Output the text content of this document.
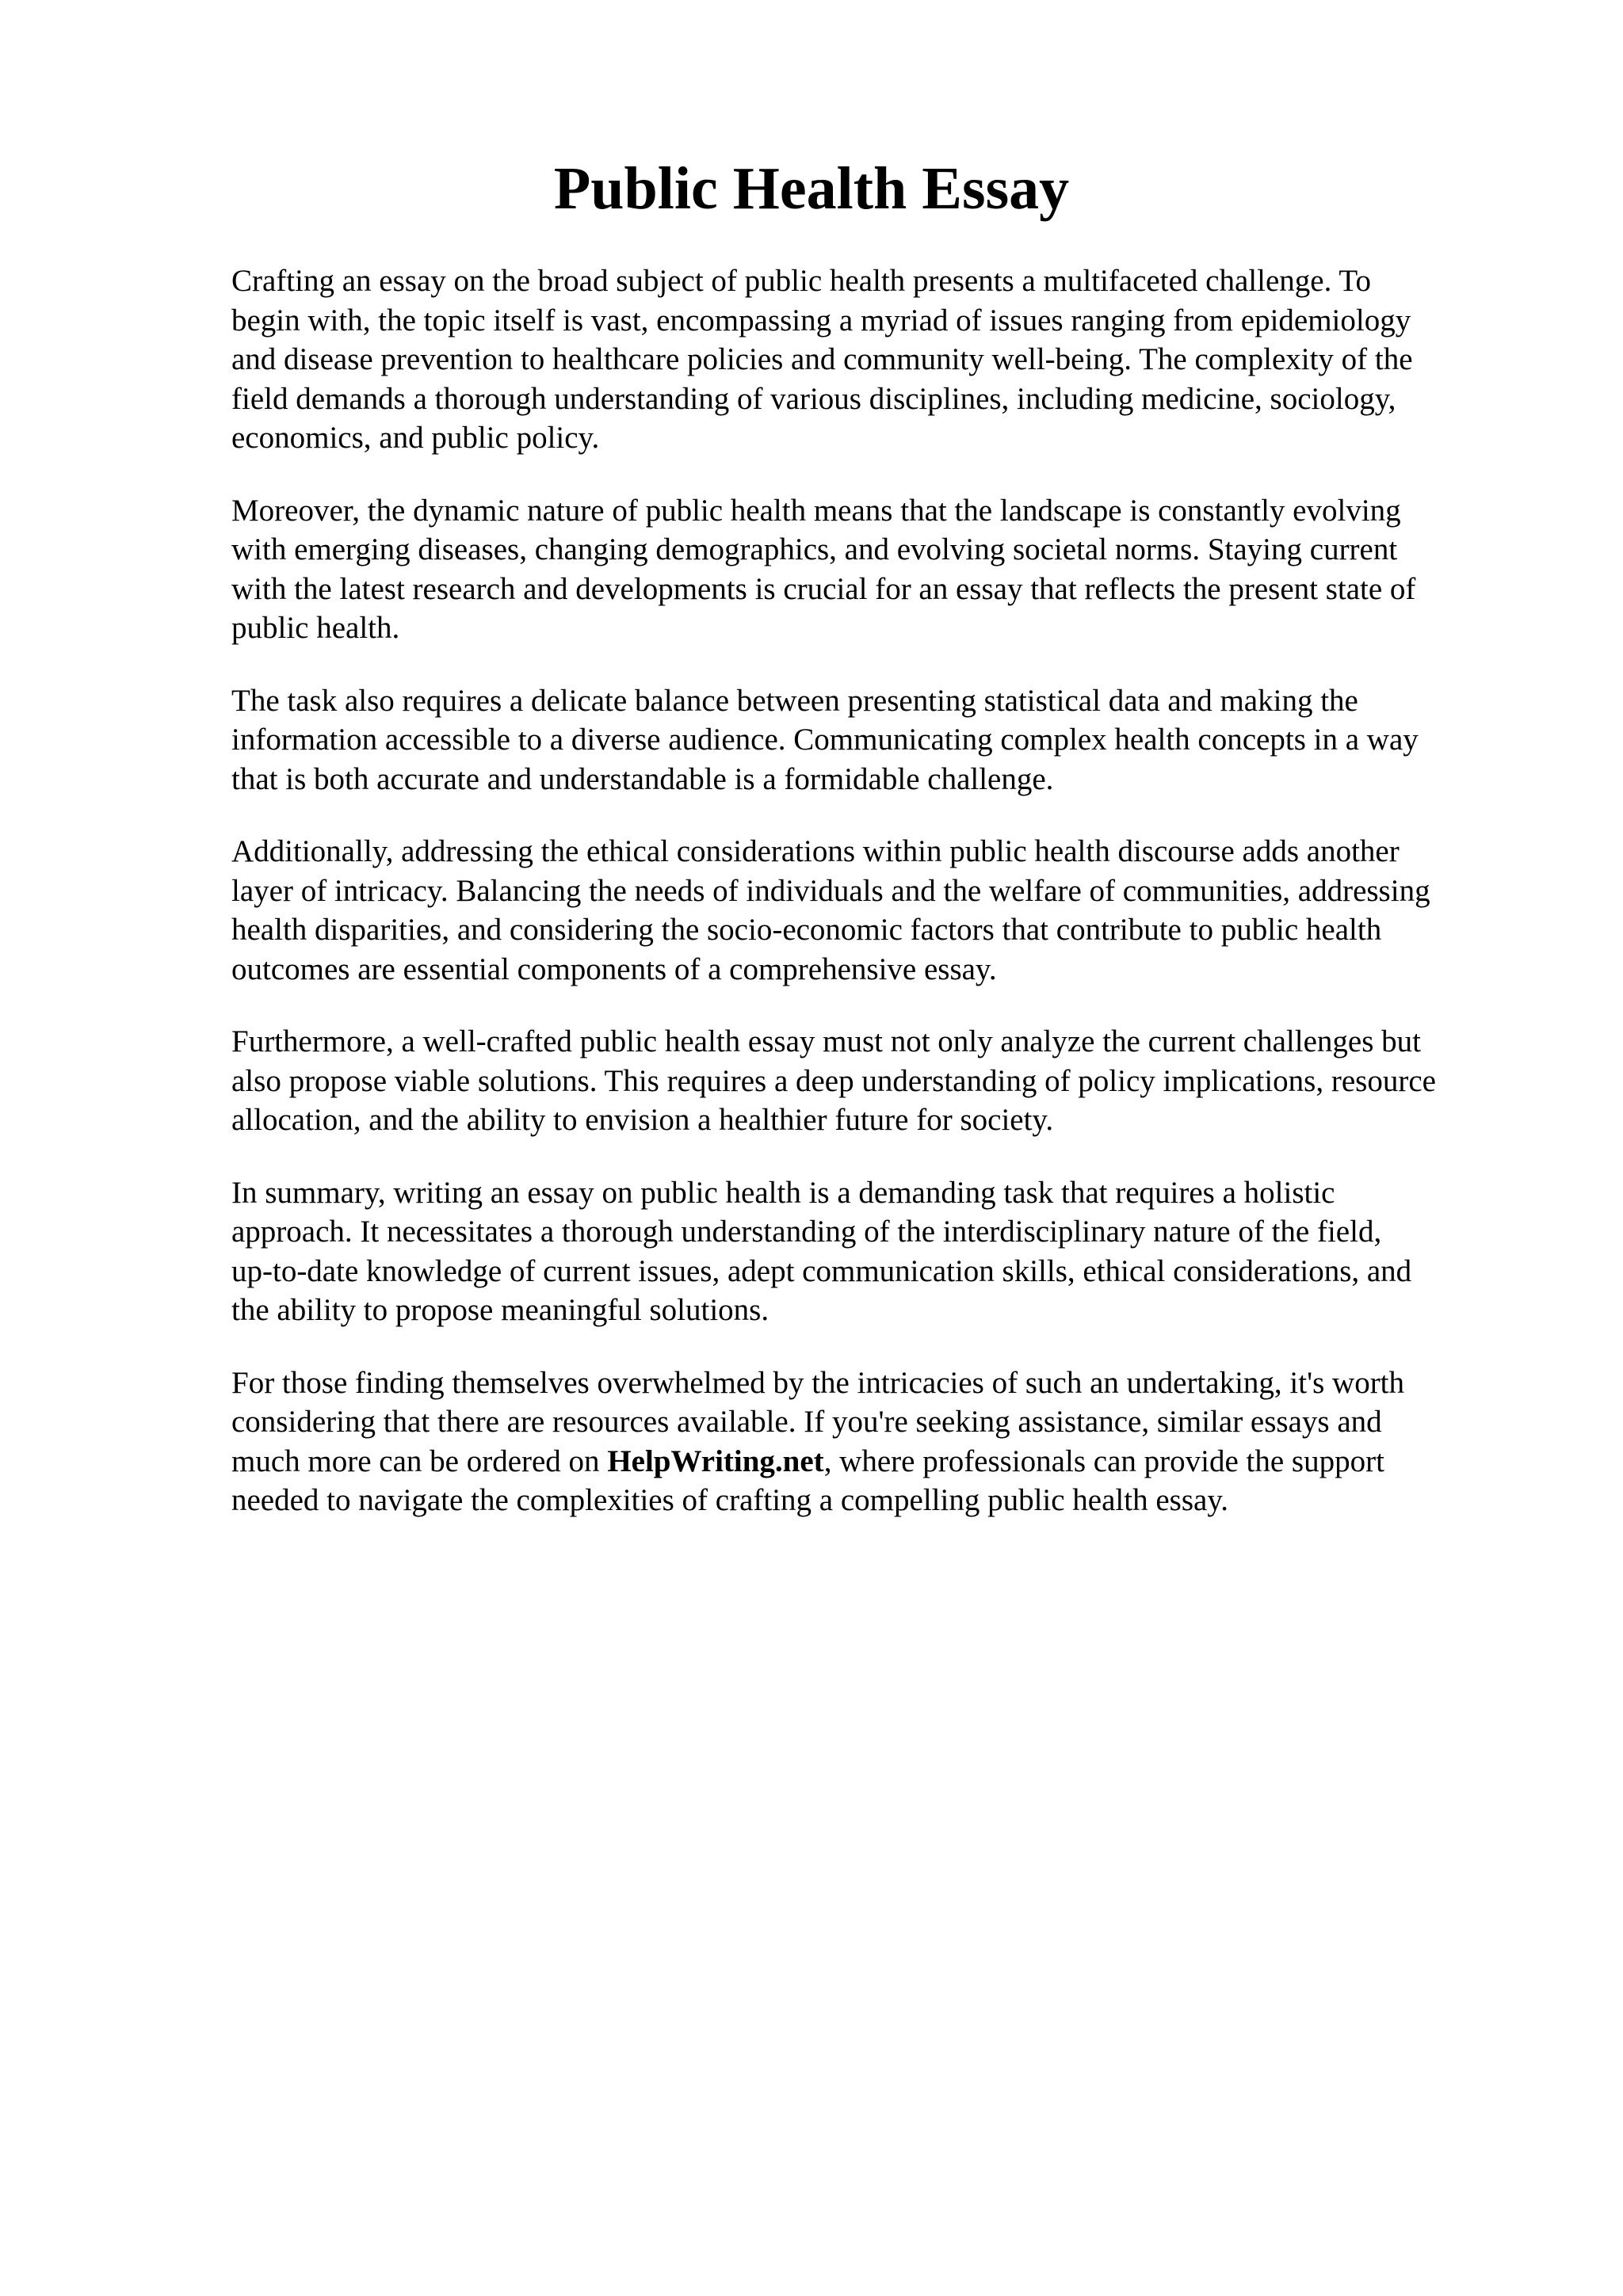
Public Health Essay

Crafting an essay on the broad subject of public health presents a multifaceted challenge. To
begin with, the topic itself is vast, encompassing a myriad of issues ranging from epidemiology
and disease prevention to healthcare policies and community well-being. The complexity of the
field demands a thorough understanding of various disciplines, including medicine, sociology,
economics, and public policy.

Moreover, the dynamic nature of public health means that the landscape is constantly evolving
with emerging diseases, changing demographics, and evolving societal norms. Staying current
with the latest research and developments is crucial for an essay that reflects the present state of
public health.

The task also requires a delicate balance between presenting statistical data and making the
information accessible to a diverse audience. Communicating complex health concepts in a way
that is both accurate and understandable is a formidable challenge.

Additionally, addressing the ethical considerations within public health discourse adds another
layer of intricacy. Balancing the needs of individuals and the welfare of communities, addressing
health disparities, and considering the socio-economic factors that contribute to public health
outcomes are essential components of a comprehensive essay.

Furthermore, a well-crafted public health essay must not only analyze the current challenges but
also propose viable solutions. This requires a deep understanding of policy implications, resource
allocation, and the ability to envision a healthier future for society.

In summary, writing an essay on public health is a demanding task that requires a holistic
approach. It necessitates a thorough understanding of the interdisciplinary nature of the field,
up-to-date knowledge of current issues, adept communication skills, ethical considerations, and
the ability to propose meaningful solutions.

For those finding themselves overwhelmed by the intricacies of such an undertaking, it's worth
considering that there are resources available. If you're seeking assistance, similar essays and
much more can be ordered on HelpWriting.net, where professionals can provide the support
needed to navigate the complexities of crafting a compelling public health essay.
